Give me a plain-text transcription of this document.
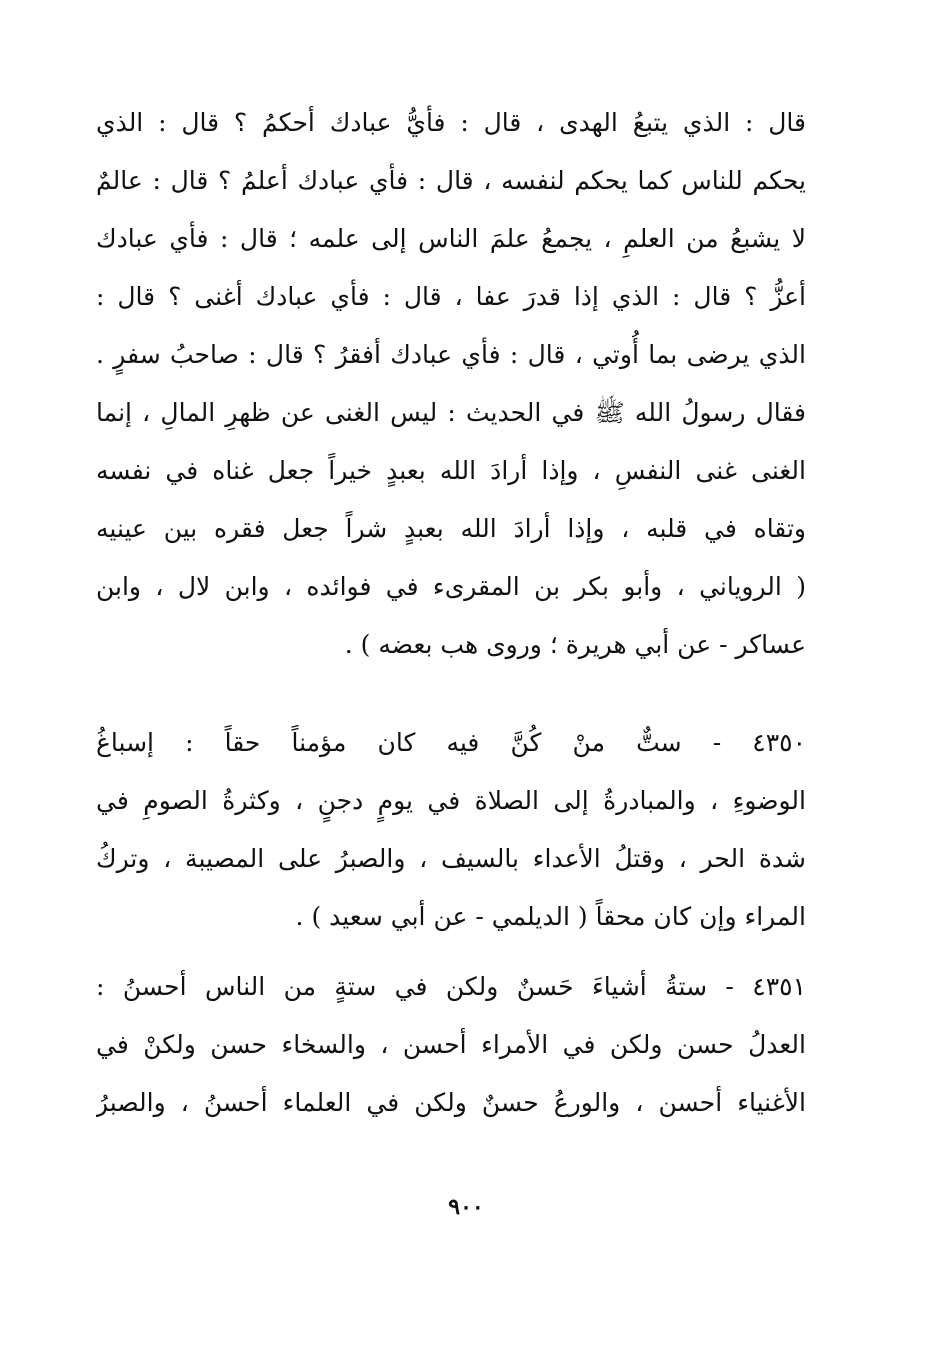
قال : الذي يتبعُ الهدى ، قال : فأيُّ عبادك أحكمُ ؟ قال : الذي
يحكم للناس كما يحكم لنفسه ، قال : فأي عبادك أعلمُ ؟ قال : عالمٌ
لا يشبعُ من العلمِ ، يجمعُ علمَ الناس إلى علمه ؛ قال : فأي عبادك
أعزُّ ؟ قال : الذي إذا قدرَ عفا ، قال : فأي عبادك أغنى ؟ قال :
الذي يرضى بما أُوتي ، قال : فأي عبادك أفقرُ ؟ قال : صاحبُ سفرٍ .
فقال رسولُ الله ﷺ في الحديث : ليس الغنى عن ظهرِ المالِ ، إنما
الغنى غنى النفسِ ، وإذا أرادَ الله بعبدٍ خيراً جعل غناه في نفسه
وتقاه في قلبه ، وإذا أرادَ الله بعبدٍ شراً جعل فقره بين عينيه
( الروياني ، وأبو بكر بن المقرىء في فوائده ، وابن لال ، وابن
عساكر - عن أبي هريرة ؛ وروى هب بعضه ) .
٤٣٥٠ - ستٌّ منْ كُنَّ فيه كان مؤمناً حقاً : إسباغُ
الوضوءِ ، والمبادرةُ إلى الصلاة في يومٍ دجنٍ ، وكثرةُ الصومِ في
شدة الحر ، وقتلُ الأعداء بالسيف ، والصبرُ على المصيبة ، وتركُ
المراء وإن كان محقاً ( الديلمي - عن أبي سعيد ) .
٤٣٥١ - ستةُ أشياءَ حَسنٌ ولكن في ستةٍ من الناس أحسنُ :
العدلُ حسن ولكن في الأمراء أحسن ، والسخاء حسن ولكنْ في
الأغنياء أحسن ، والورعُ حسنٌ ولكن في العلماء أحسنُ ، والصبرُ
٩٠٠
